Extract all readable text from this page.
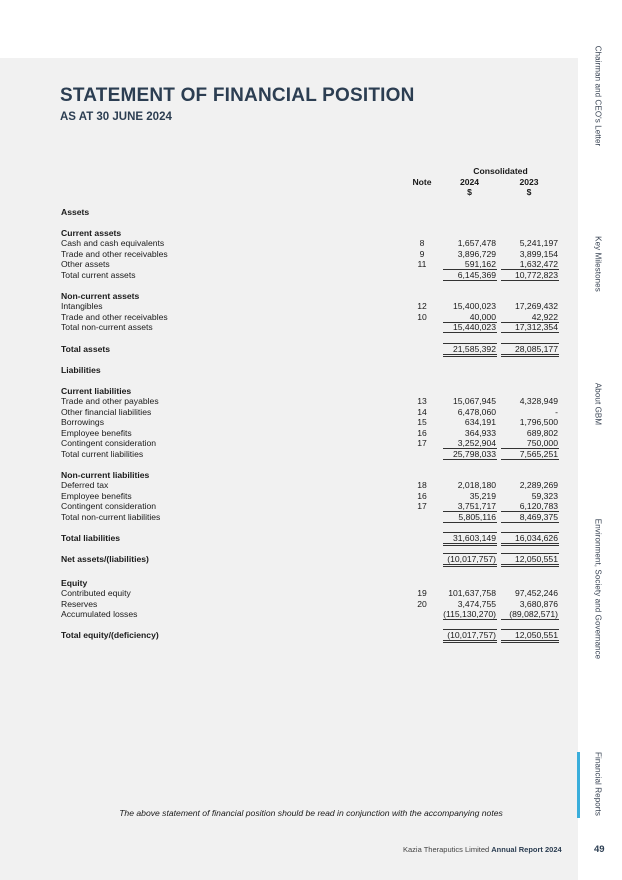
Chairman and CEO's Letter
Key Milestones
About GBM
Environment, Society and Governance
Financial Reports
STATEMENT OF FINANCIAL POSITION
AS AT 30 JUNE 2024
Consolidated
Note	2024	2023
$	$
Assets
Current assets
Cash and cash equivalents	8	1,657,478	5,241,197
Trade and other receivables	9	3,896,729	3,899,154
Other assets	11	591,162	1,632,472
Total current assets	6,145,369	10,772,823
Non-current assets
Intangibles	12	15,400,023	17,269,432
Trade and other receivables	10	40,000	42,922
Total non-current assets	15,440,023	17,312,354
Total assets	21,585,392	28,085,177
Liabilities
Current liabilities
Trade and other payables	13	15,067,945	4,328,949
Other financial liabilities	14	6,478,060	-
Borrowings	15	634,191	1,796,500
Employee benefits	16	364,933	689,802
Contingent consideration	17	3,252,904	750,000
Total current liabilities	25,798,033	7,565,251
Non-current liabilities
Deferred tax	18	2,018,180	2,289,269
Employee benefits	16	35,219	59,323
Contingent consideration	17	3,751,717	6,120,783
Total non-current liabilities	5,805,116	8,469,375
Total liabilities	31,603,149	16,034,626
Net assets/(liabilities)	(10,017,757)	12,050,551
Equity
Contributed equity	19	101,637,758	97,452,246
Reserves	20	3,474,755	3,680,876
Accumulated losses	(115,130,270)	(89,082,571)
Total equity/(deficiency)	(10,017,757)	12,050,551
The above statement of financial position should be read in conjunction with the accompanying notes
Kazia Theraputics Limited Annual Report 2024	49
